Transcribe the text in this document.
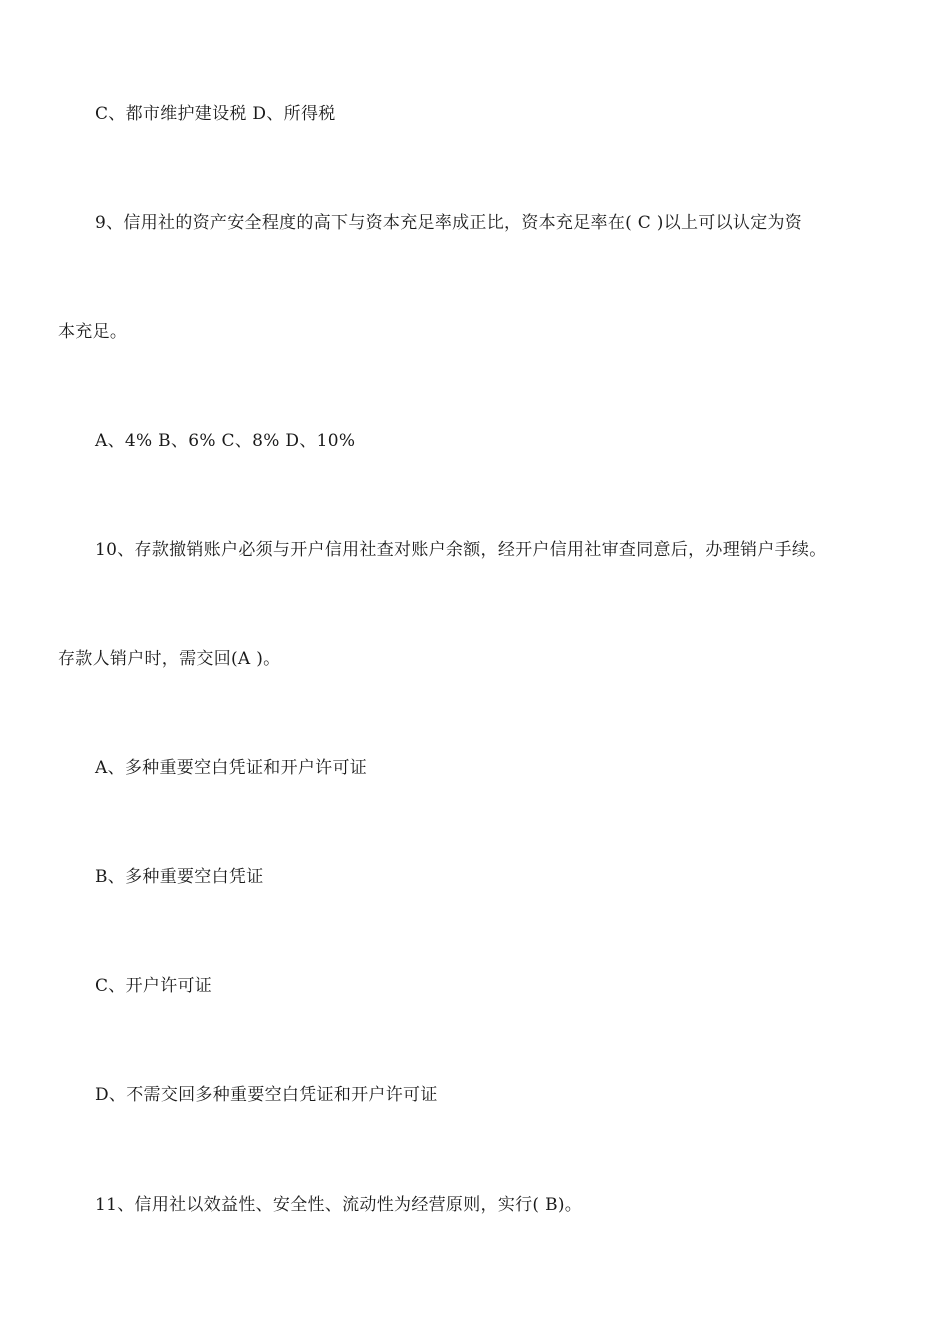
C、都市维护建设税 D、所得税
9、信用社的资产安全程度的高下与资本充足率成正比，资本充足率在( C )以上可以认定为资
本充足。
A、4% B、6% C、8% D、10%
10、存款撤销账户必须与开户信用社查对账户余额，经开户信用社审查同意后，办理销户手续。
存款人销户时，需交回(A )。
A、多种重要空白凭证和开户许可证
B、多种重要空白凭证
C、开户许可证
D、不需交回多种重要空白凭证和开户许可证
11、信用社以效益性、安全性、流动性为经营原则，实行( B)。
